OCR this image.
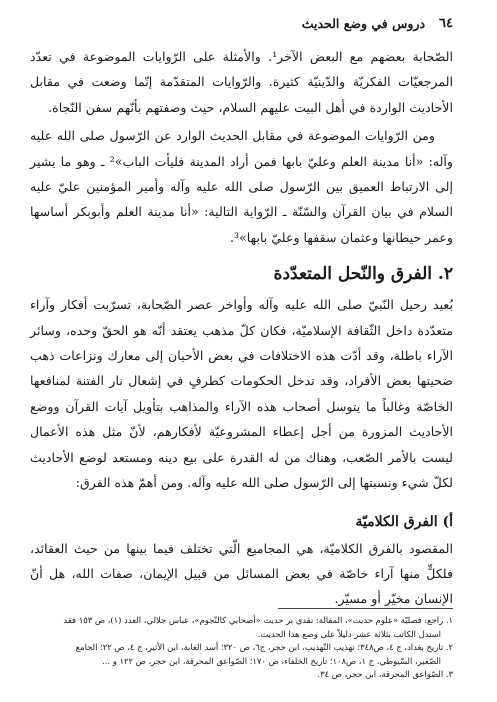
٦٤
دروس في وضع الحديث

الصّحابة بعضهم مع البعض الآخر¹. والأمثلة على الرّوايات الموضوعة في تعدّد المرجعيّات الفكريّة والدّينيّة كثيرة. والرّوايات المتقدّمة إنّما وضعت في مقابل الأحاديث الواردة في أهل البيت عليهم السلام، حيث وصفتهم بأنّهم سفن النّجاة.

ومن الرّوايات الموضوعة في مقابل الحديث الوارد عن الرّسول صلى الله عليه وآله: «أنا مدينة العلم وعليّ بابها فمن أراد المدينة فليأت الباب»² ـ وهو ما يشير إلى الارتباط العميق بين الرّسول صلى الله عليه وآله وأمير المؤمنين عليّ عليه السلام في بيان القرآن والسّنّة ـ الرّواية التالية: «أنا مدينة العلم وأبوبكر أساسها وعمر حيطانها وعثمان سقفها وعليّ بابها»³.

٢. الفرق والنّحل المتعدّدة

بُعيد رحيل النّبيّ صلى الله عليه وآله وأواخر عصر الصّحابة، تسرّبت أفكار وآراء متعدّدة داخل الثّقافة الإسلاميّة، فكان كلّ مذهب يعتقد أنّه هو الحقّ وحده، وسائر الآراء باطلة، وقد أدّت هذه الاختلافات في بعض الأحيان إلى معارك ونزاعات ذهب ضحيتها بعض الأفراد، وقد تدخل الحكومات كطرفٍ في إشعال نار الفتنة لمنافعها الخاصّة وغالباً ما يتوسل أصحاب هذه الآراء والمذاهب بتأويل آيات القرآن ووضع الأحاديث المزورة من أجل إعطاء المشروعيّة لأفكارهم، لأنّ مثل هذه الأعمال ليست بالأمر الصّعب، وهناك من له القدرة على بيع دينه ومستعد لوضع الأحاديث لكلّ شيء ونسبتها إلى الرّسول صلى الله عليه وآله. ومن أهمّ هذه الفرق:

أ) الفرق الكلاميّة

المقصود بالفرق الكلاميّة، هي المجاميع الّتي تختلف فيما بينها من حيث العقائد، فلكلٍّ منها آراء خاصّة في بعض المسائل من قبيل الإيمان، صفات الله، هل أنّ الإنسان مخيّر أو مسيّر.

١. راجع: فصليّة «علوم حديث»، المقالة: نقدي بر حديث «أصحابي كالنّجوم»، عباس جلالي، العدد (١)، ص ١٥٣ فقد
استدل الكاتب بثلاثة عشر دليلاً على وضع هذا الحديث.
٢. تاريخ بغداد، ج ٤، ص٣٤٨؛ تهذيب التّهذيب، ابن حجر، ج٦، ص ٣٢٠؛ أسد الغابة، ابن الأثير، ج ٤، ص ٢٢؛ الجامع
الصّغير، السّيوطي، ج ١، ص١٠٨؛ تاريخ الخلفاء، ص ١٧٠؛ الصّواعق المحرقة، ابن حجر، ص ١٢٢ و ...
٣. الصّواعق المحرقة، ابن حجر، ص ٣٤.
